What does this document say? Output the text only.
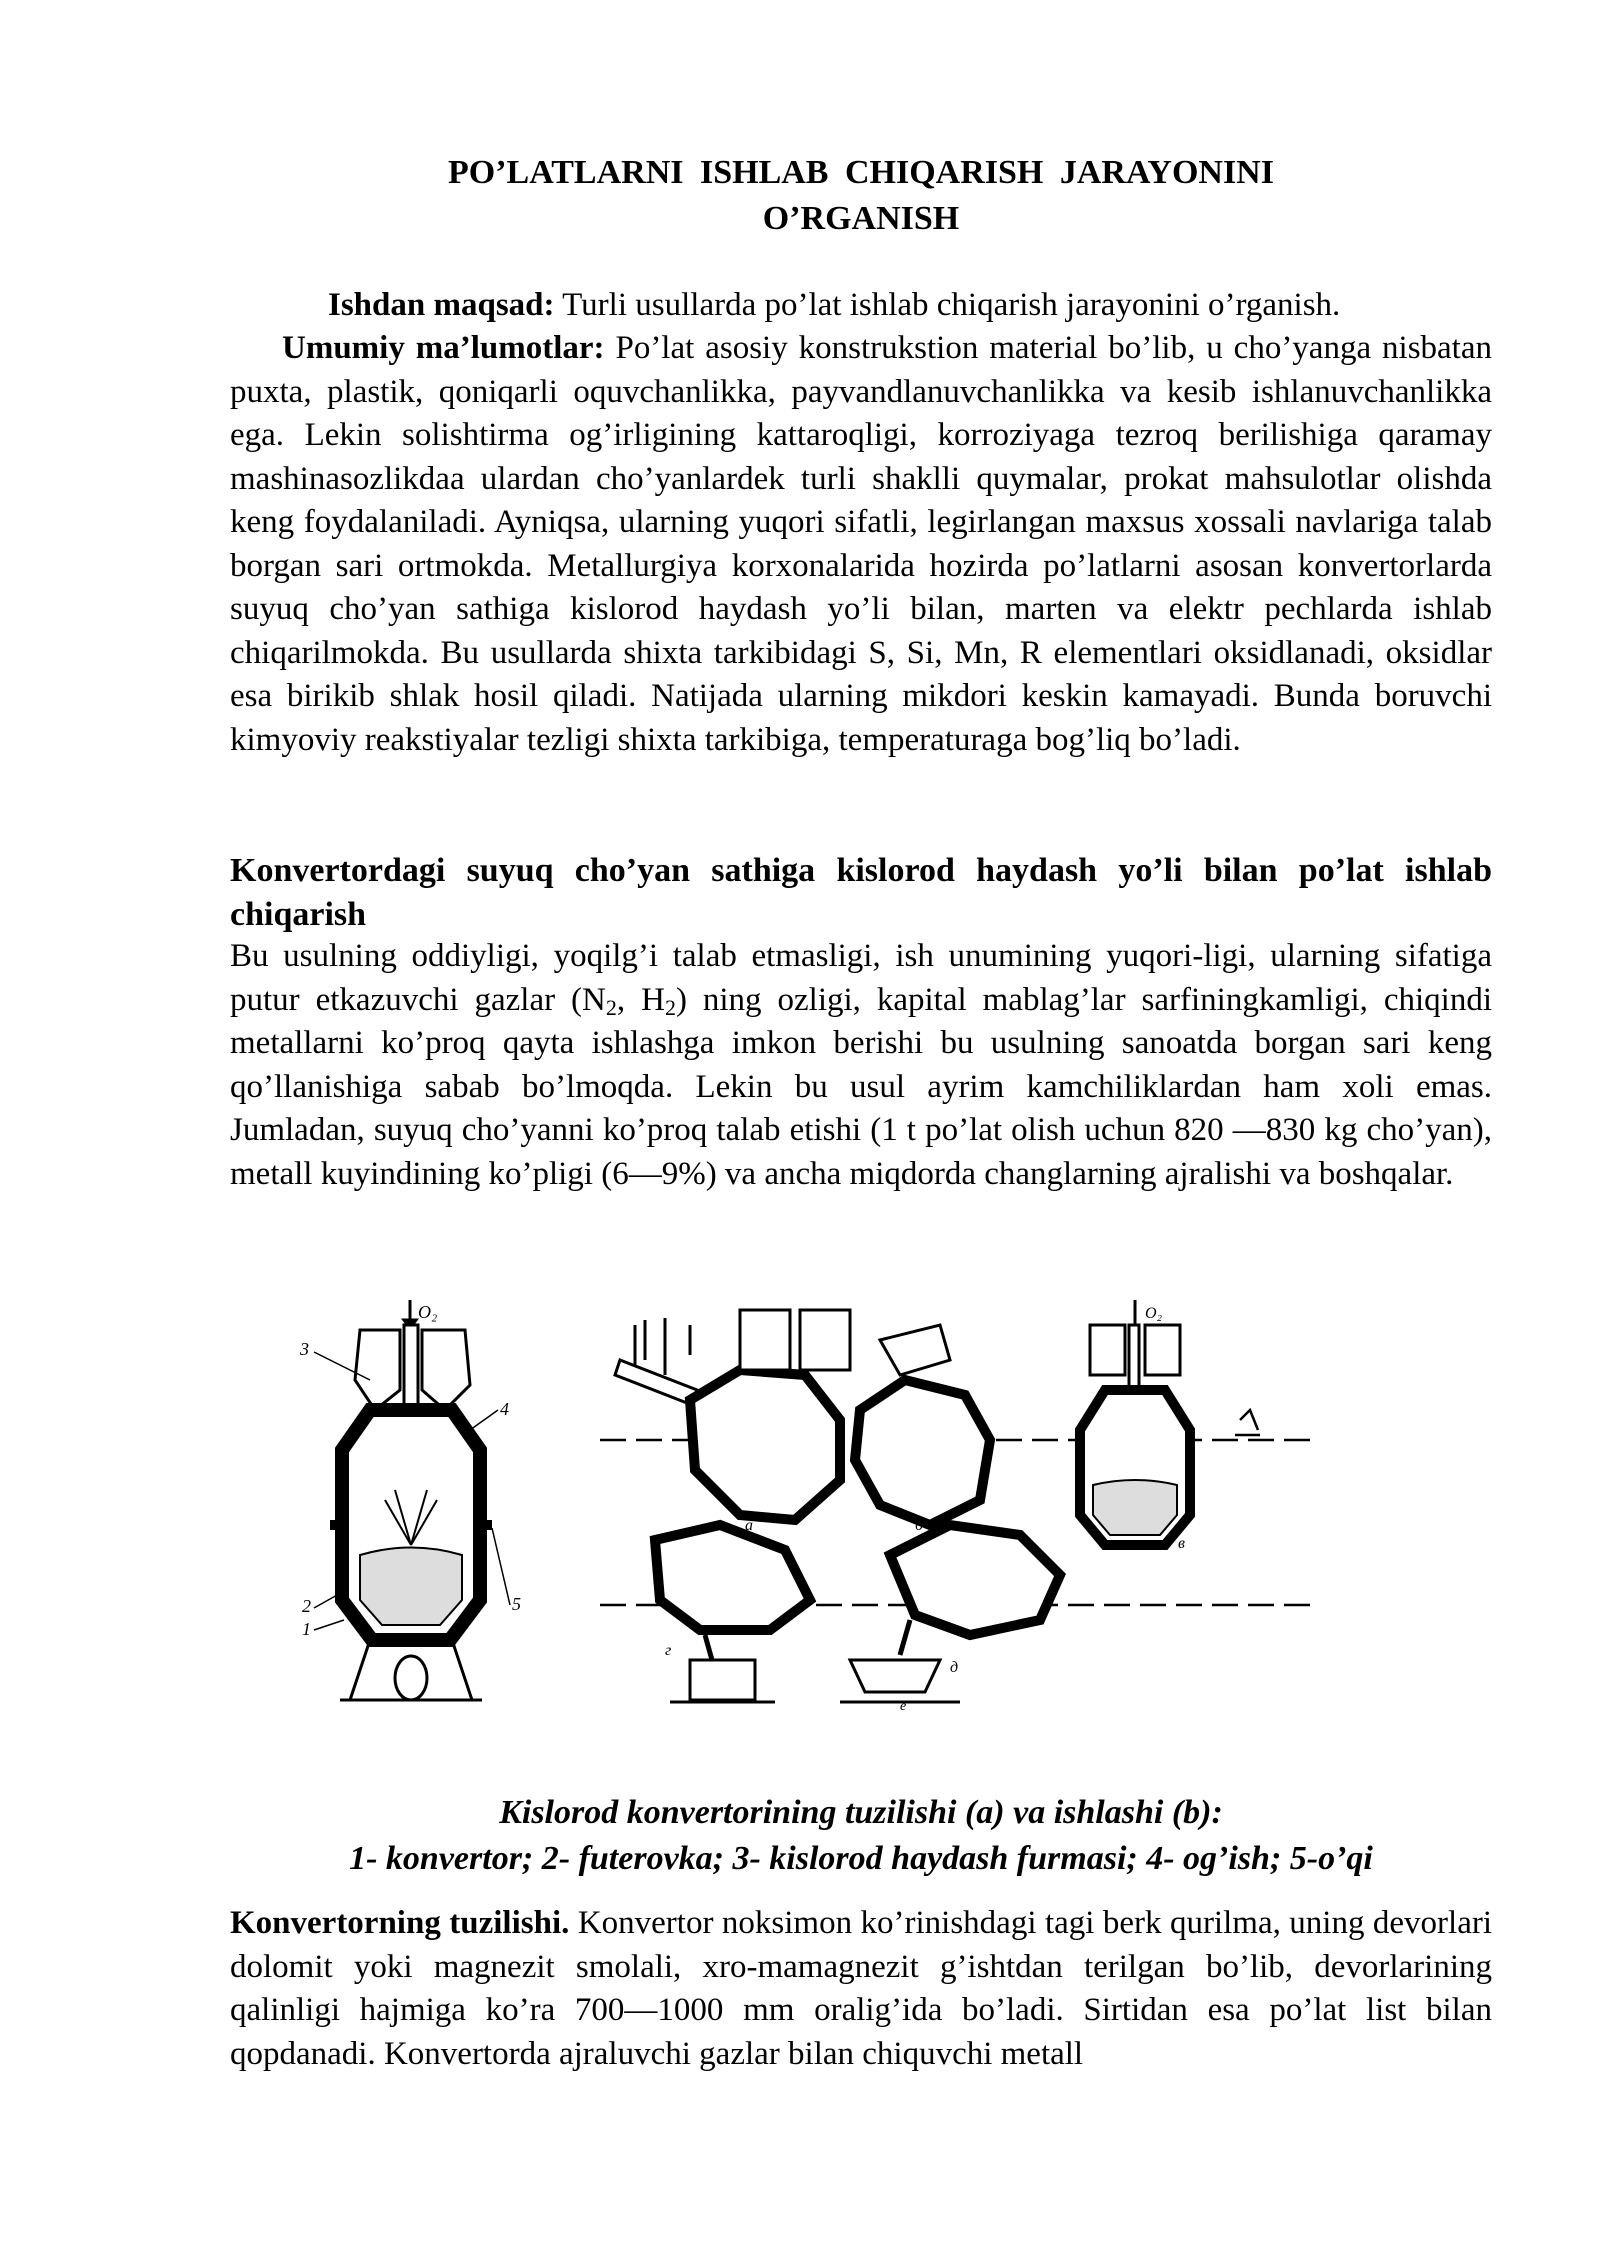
PO’LATLARNI ISHLAB CHIQARISH JARAYONINI
O’RGANISH

Ishdan maqsad: Turli usullarda po’lat ishlab chiqarish jarayonini o’rganish.

Umumiy ma’lumotlar: Po’lat asosiy konstrukstion material bo’lib, u cho’yanga nisbatan puxta, plastik, qoniqarli oquvchanlikka, payvandlanuvchanlikka va kesib ishlanuvchanlikka ega. Lekin solishtirma og’irligining kattaroqligi, korroziyaga tezroq berilishiga qaramay mashinasozlikdaa ulardan cho’yanlardek turli shaklli quymalar, prokat mahsulotlar olishda keng foydalaniladi. Ayniqsa, ularning yuqori sifatli, legirlangan maxsus xossali navlariga talab borgan sari ortmokda. Metallurgiya korxonalarida hozirda po’latlarni asosan konvertorlarda suyuq cho’yan sathiga kislorod haydash yo’li bilan, marten va elektr pechlarda ishlab chiqarilmokda. Bu usullarda shixta tarkibidagi S, Si, Mn, R elementlari oksidlanadi, oksidlar esa birikib shlak hosil qiladi. Natijada ularning mikdori keskin kamayadi. Bunda boruvchi kimyoviy reakstiyalar tezligi shixta tarkibiga, temperaturaga bog’liq bo’ladi.

Konvertordagi suyuq cho’yan sathiga kislorod haydash yo’li bilan po’lat ishlab chiqarish

Bu usulning oddiyligi, yoqilg’i talab etmasligi, ish unumining yuqori-ligi, ularning sifatiga putur etkazuvchi gazlar ($N_2$, $H_2$) ning ozligi, kapital mablag’lar sarfiningkamligi, chiqindi metallarni ko’proq qayta ishlashga imkon berishi bu usulning sanoatda borgan sari keng qo’llanishiga sabab bo’lmoqda. Lekin bu usul ayrim kamchiliklardan ham xoli emas. Jumladan, suyuq cho’yanni ko’proq talab etishi (1 t po’lat olish uchun 820 —830 kg cho’yan), metall kuyindining ko’pligi (6—9%) va ancha miqdorda changlarning ajralishi va boshqalar.

O₂
3
4
5
2
1
а	б
O₂
в
г
д
е
Kislorod konvertorining tuzilishi (a) va ishlashi (b):
1- konvertor; 2- futerovka; 3- kislorod haydash furmasi; 4- og’ish; 5-o’qi

Konvertorning tuzilishi. Konvertor noksimon ko’rinishdagi tagi berk qurilma, uning devorlari dolomit yoki magnezit smolali, xro-mamagnezit g’ishtdan terilgan bo’lib, devorlarining qalinligi hajmiga ko’ra 700—1000 mm oralig’ida bo’ladi. Sirtidan esa po’lat list bilan qopdanadi. Konvertorda ajraluvchi gazlar bilan chiquvchi metall
